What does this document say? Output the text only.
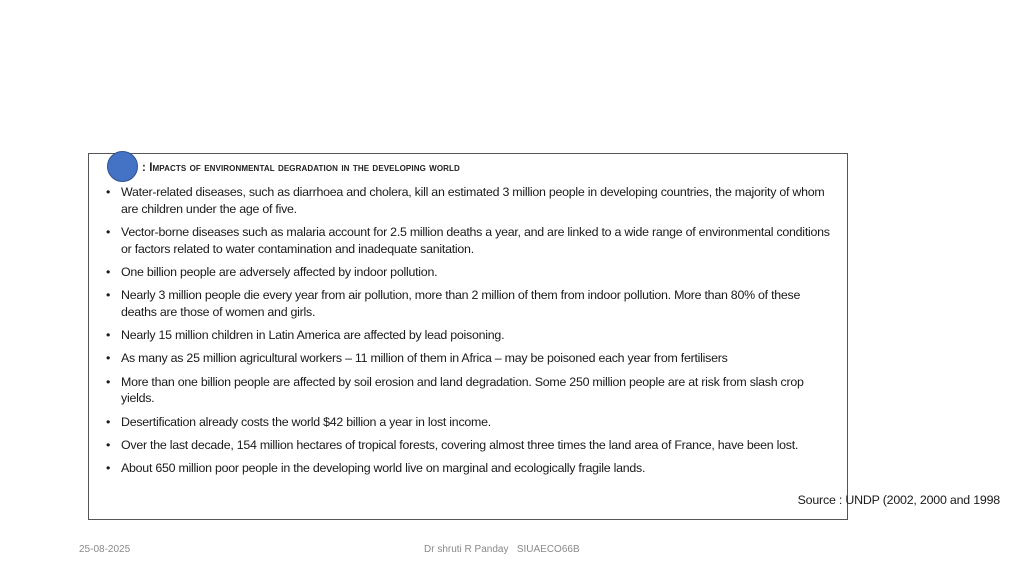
: Impacts of environmental degradation in the developing world
• Water-related diseases, such as diarrhoea and cholera, kill an estimated 3 million people in developing countries, the majority of whom are children under the age of five.
• Vector-borne diseases such as malaria account for 2.5 million deaths a year, and are linked to a wide range of environmental conditions or factors related to water contamination and inadequate sanitation.
• One billion people are adversely affected by indoor pollution.
• Nearly 3 million people die every year from air pollution, more than 2 million of them from indoor pollution. More than 80% of these deaths are those of women and girls.
• Nearly 15 million children in Latin America are affected by lead poisoning.
• As many as 25 million agricultural workers – 11 million of them in Africa – may be poisoned each year from fertilisers
• More than one billion people are affected by soil erosion and land degradation. Some 250 million people are at risk from slash crop yields.
• Desertification already costs the world $42 billion a year in lost income.
• Over the last decade, 154 million hectares of tropical forests, covering almost three times the land area of France, have been lost.
• About 650 million poor people in the developing world live on marginal and ecologically fragile lands.
Source : UNDP (2002, 2000 and 1998
25-08-2025	Dr shruti R Panday   SIUAECO66B
